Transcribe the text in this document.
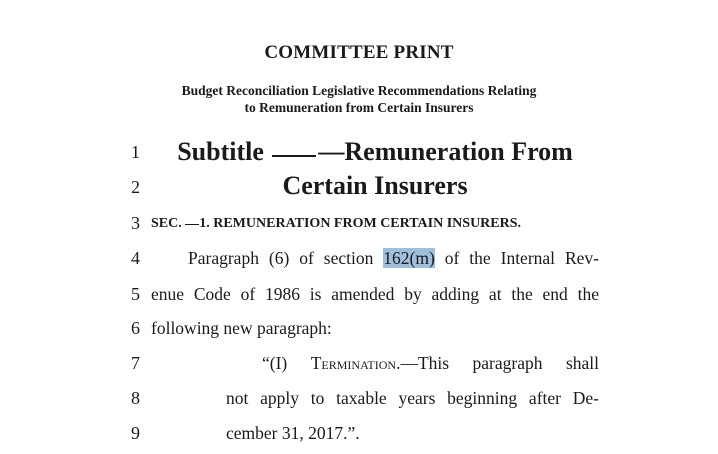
COMMITTEE PRINT
Budget Reconciliation Legislative Recommendations Relating
to Remuneration from Certain Insurers
1
2
3
4
5
6
7
8
9
Subtitle —Remuneration From
Certain Insurers
SEC. 1. REMUNERATION FROM CERTAIN INSURERS.
Paragraph (6) of section 162(m) of the Internal Rev-
enue Code of 1986 is amended by adding at the end the
following new paragraph:
“(I) Termination.—This paragraph shall
not apply to taxable years beginning after De-
cember 31, 2017.”.
